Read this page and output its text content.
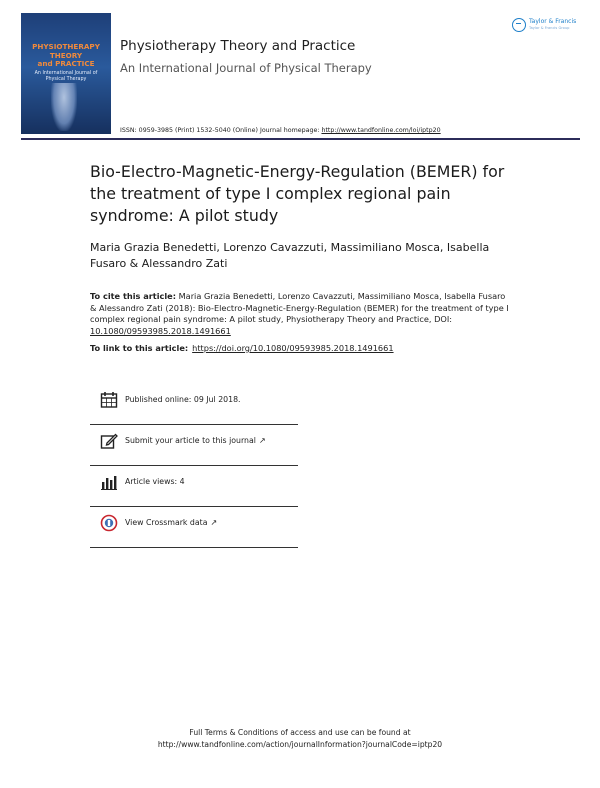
PHYSIOTHERAPY THEORY
and PRACTICE
An International Journal of Physical Therapy
Physiotherapy Theory and Practice
An International Journal of Physical Therapy
Taylor & Francis
Taylor & Francis Group
ISSN: 0959-3985 (Print) 1532-5040 (Online) Journal homepage: http://www.tandfonline.com/loi/iptp20
Bio-Electro-Magnetic-Energy-Regulation (BEMER) for the treatment of type I complex regional pain syndrome: A pilot study
Maria Grazia Benedetti, Lorenzo Cavazzuti, Massimiliano Mosca, Isabella Fusaro & Alessandro Zati
To cite this article: Maria Grazia Benedetti, Lorenzo Cavazzuti, Massimiliano Mosca, Isabella Fusaro & Alessandro Zati (2018): Bio-Electro-Magnetic-Energy-Regulation (BEMER) for the treatment of type I complex regional pain syndrome: A pilot study, Physiotherapy Theory and Practice, DOI: 10.1080/09593985.2018.1491661
To link to this article: https://doi.org/10.1080/09593985.2018.1491661
Published online: 09 Jul 2018.
Submit your article to this journal ↗
Article views: 4
View Crossmark data ↗
Full Terms & Conditions of access and use can be found at
http://www.tandfonline.com/action/journalInformation?journalCode=iptp20
